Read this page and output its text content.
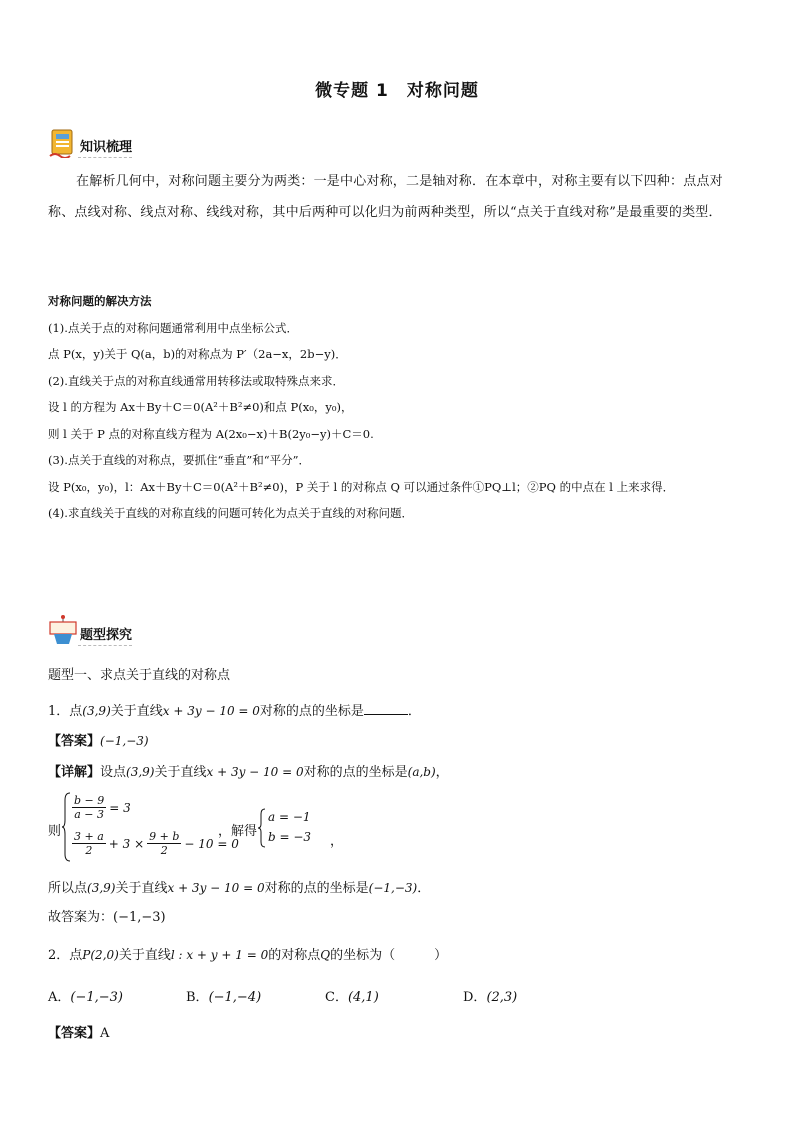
微专题 1　对称问题
知识梳理
在解析几何中，对称问题主要分为两类：一是中心对称，二是轴对称．在本章中，对称主要有以下四种：点点对称、点线对称、线点对称、线线对称，其中后两种可以化归为前两种类型，所以“点关于直线对称”是最重要的类型．
对称问题的解决方法
(1).点关于点的对称问题通常利用中点坐标公式．
点 P(x，y)关于 Q(a，b)的对称点为 P′（2a−x，2b−y)．
(2).直线关于点的对称直线通常用转移法或取特殊点来求．
设 l 的方程为 Ax＋By＋C＝0(A²＋B²≠0)和点 P(x₀，y₀)，
则 l 关于 P 点的对称直线方程为 A(2x₀−x)＋B(2y₀−y)＋C＝0.
(3).点关于直线的对称点，要抓住“垂直”和“平分”．
设 P(x₀，y₀)，l：Ax＋By＋C＝0(A²＋B²≠0)，P 关于 l 的对称点 Q 可以通过条件①PQ⊥l；②PQ 的中点在 l 上来求得．
(4).求直线关于直线的对称直线的问题可转化为点关于直线的对称问题．
题型探究
题型一、求点关于直线的对称点
1．点(3,9)关于直线x + 3y − 10 = 0对称的点的坐标是	．
【答案】(−1,−3)
【详解】设点(3,9)关于直线x + 3y − 10 = 0对称的点的坐标是(a,b)，
则
$\frac{b - 9}{a - 3} = 3$
$\frac{3 + a}{2} + 3 \times \frac{9 + b}{2} - 10 = 0$
，解得
a = −1
b = −3 ，
所以点(3,9)关于直线x + 3y − 10 = 0对称的点的坐标是(−1,−3)．
故答案为：(−1,−3)
2．点P(2,0)关于直线l : x + y + 1 = 0的对称点Q的坐标为（　　　）
A．(−1,−3)	B．(−1,−4)	C．(4,1)	D．(2,3)
【答案】A
